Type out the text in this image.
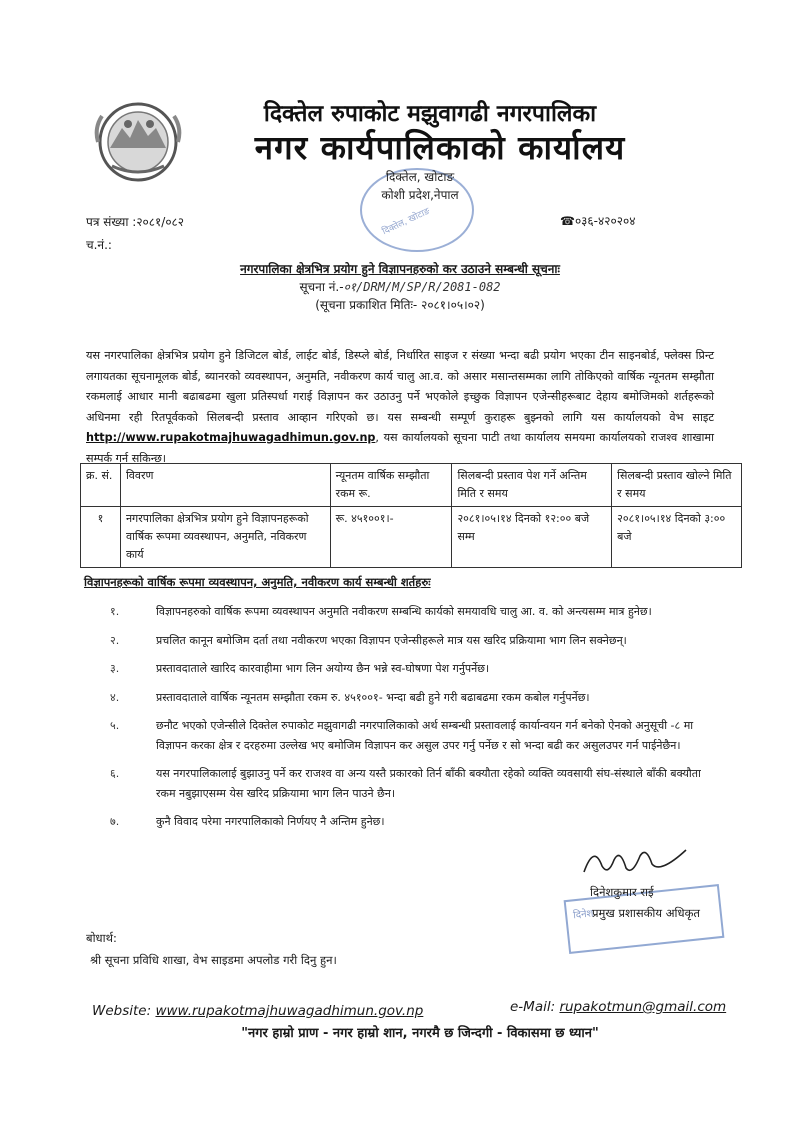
दिक्तेल रुपाकोट मझुवागढी नगरपालिका
नगर कार्यपालिकाको कार्यालय
दिक्तेल, खोटाङ
दिक्तेल, खोटाङ
कोशी प्रदेश,नेपाल
पत्र संख्या :२०८१/०८२
च.नं.:
☎०३६-४२०२०४
नगरपालिका क्षेत्रभित्र प्रयोग हुने विज्ञापनहरुको कर उठाउने सम्बन्धी सूचनाः
सूचना नं.-०१/DRM/M/SP/R/2081-082
(सूचना प्रकाशित मितिः- २०८१।०५।०२)
यस नगरपालिका क्षेत्रभित्र प्रयोग हुने डिजिटल बोर्ड, लाईट बोर्ड, डिस्प्ले बोर्ड, निर्धारित साइज र संख्या भन्दा बढी प्रयोग भएका टीन साइनबोर्ड, फ्लेक्स प्रिन्ट लगायतका सूचनामूलक बोर्ड, ब्यानरको व्यवस्थापन, अनुमति, नवीकरण कार्य चालु आ.व. को असार मसान्तसम्मका लागि तोकिएको वार्षिक न्यूनतम सम्झौता रकमलाई आधार मानी बढाबढमा खुला प्रतिस्पर्धा गराई विज्ञापन कर उठाउनु पर्ने भएकोले इच्छुक विज्ञापन एजेन्सीहरूबाट देहाय बमोजिमको शर्तहरूको अधिनमा रही रितपूर्वकको सिलबन्दी प्रस्ताव आव्हान गरिएको छ। यस सम्बन्धी सम्पूर्ण कुराहरू बुझ्नको लागि यस कार्यालयको वेभ साइट http://www.rupakotmajhuwagadhimun.gov.np, यस कार्यालयको सूचना पाटी तथा कार्यालय समयमा कार्यालयको राजश्व शाखामा सम्पर्क गर्न सकिन्छ।
क्र. सं.	विवरण	न्यूनतम वार्षिक सम्झौता रकम रू.	सिलबन्दी प्रस्ताव पेश गर्ने अन्तिम मिति र समय	सिलबन्दी प्रस्ताव खोल्ने मिति र समय
१	नगरपालिका क्षेत्रभित्र प्रयोग हुने विज्ञापनहरूको वार्षिक रूपमा व्यवस्थापन, अनुमति, नविकरण कार्य	रू. ४५१००१।-	२०८१।०५।१४ दिनको १२:०० बजे सम्म	२०८१।०५।१४ दिनको ३:०० बजे
विज्ञापनहरूको वार्षिक रूपमा व्यवस्थापन, अनुमति, नवीकरण कार्य सम्बन्धी शर्तहरुः
१.	विज्ञापनहरुको वार्षिक रूपमा व्यवस्थापन अनुमति नवीकरण सम्बन्धि कार्यको समयावधि चालु आ. व. को अन्त्यसम्म मात्र हुनेछ।
२.	प्रचलित कानून बमोजिम दर्ता तथा नवीकरण भएका विज्ञापन एजेन्सीहरूले मात्र यस खरिद प्रक्रियामा भाग लिन सक्नेछन्।
३.	प्रस्तावदाताले खारिद कारवाहीमा भाग लिन अयोग्य छैन भन्ने स्व-घोषणा पेश गर्नुपर्नेछ।
४.	प्रस्तावदाताले वार्षिक न्यूनतम सम्झौता रकम रु. ४५१००१- भन्दा बढी हुने गरी बढाबढमा रकम कबोल गर्नुपर्नेछ।
५.	छनौट भएको एजेन्सीले दिक्तेल रुपाकोट मझुवागढी नगरपालिकाको अर्थ सम्बन्धी प्रस्तावलाई कार्यान्वयन गर्न बनेको ऐनको अनुसूची -८ मा विज्ञापन करका क्षेत्र र दरहरुमा उल्लेख भए बमोजिम विज्ञापन कर असुल उपर गर्नु पर्नेछ र सो भन्दा बढी कर असुलउपर गर्न पाईनेछैन।
६.	यस नगरपालिकालाई बुझाउनु पर्ने कर राजश्व वा अन्य यस्तै प्रकारको तिर्न बाँकी बक्यौता रहेको व्यक्ति व्यवसायी संघ-संस्थाले बाँकी बक्यौता रकम नबुझाएसम्म येस खरिद प्रक्रियामा भाग लिन पाउने छैन।
७.	कुनै विवाद परेमा नगरपालिकाको निर्णयए नै अन्तिम हुनेछ।
दिनेश
दिनेशकुमार राई
प्रमुख प्रशासकीय अधिकृत
बोधार्थ:
श्री सूचना प्रविधि शाखा, वेभ साइडमा अपलोड गरी दिनु हुन।
Website: www.rupakotmajhuwagadhimun.gov.np	e-Mail: rupakotmun@gmail.com
"नगर हाम्रो प्राण - नगर हाम्रो शान, नगरमै छ जिन्दगी - विकासमा छ ध्यान"
